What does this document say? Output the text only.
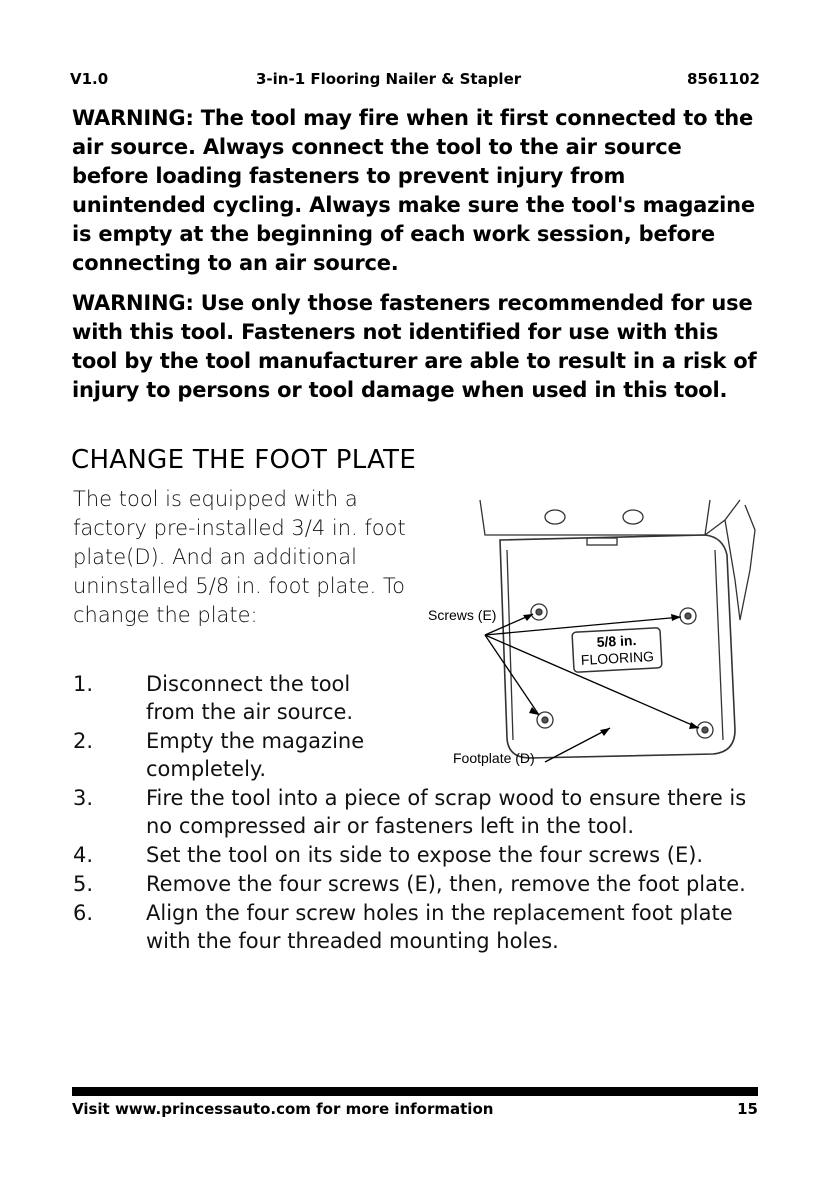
V1.0	3-in-1 Flooring Nailer & Stapler	8561102
WARNING: The tool may fire when it first connected to the air source. Always connect the tool to the air source before loading fasteners to prevent injury from unintended cycling. Always make sure the tool's magazine is empty at the beginning of each work session, before connecting to an air source.
WARNING: Use only those fasteners recommended for use with this tool. Fasteners not identified for use with this tool by the tool manufacturer are able to result in a risk of injury to persons or tool damage when used in this tool.
CHANGE THE FOOT PLATE
The tool is equipped with a factory pre-installed 3/4 in. foot plate(D). And an additional uninstalled 5/8 in. foot plate. To change the plate:
1.	Disconnect the tool from the air source.
2.	Empty the magazine completely.
3.	Fire the tool into a piece of scrap wood to ensure there is no compressed air or fasteners left in the tool.
4.	Set the tool on its side to expose the four screws (E).
5.	Remove the four screws (E), then, remove the foot plate.
6.	Align the four screw holes in the replacement foot plate with the four threaded mounting holes.
Screws (E)
Footplate (D)
5/8 in.
FLOORING
Visit www.princessauto.com for more information	15
